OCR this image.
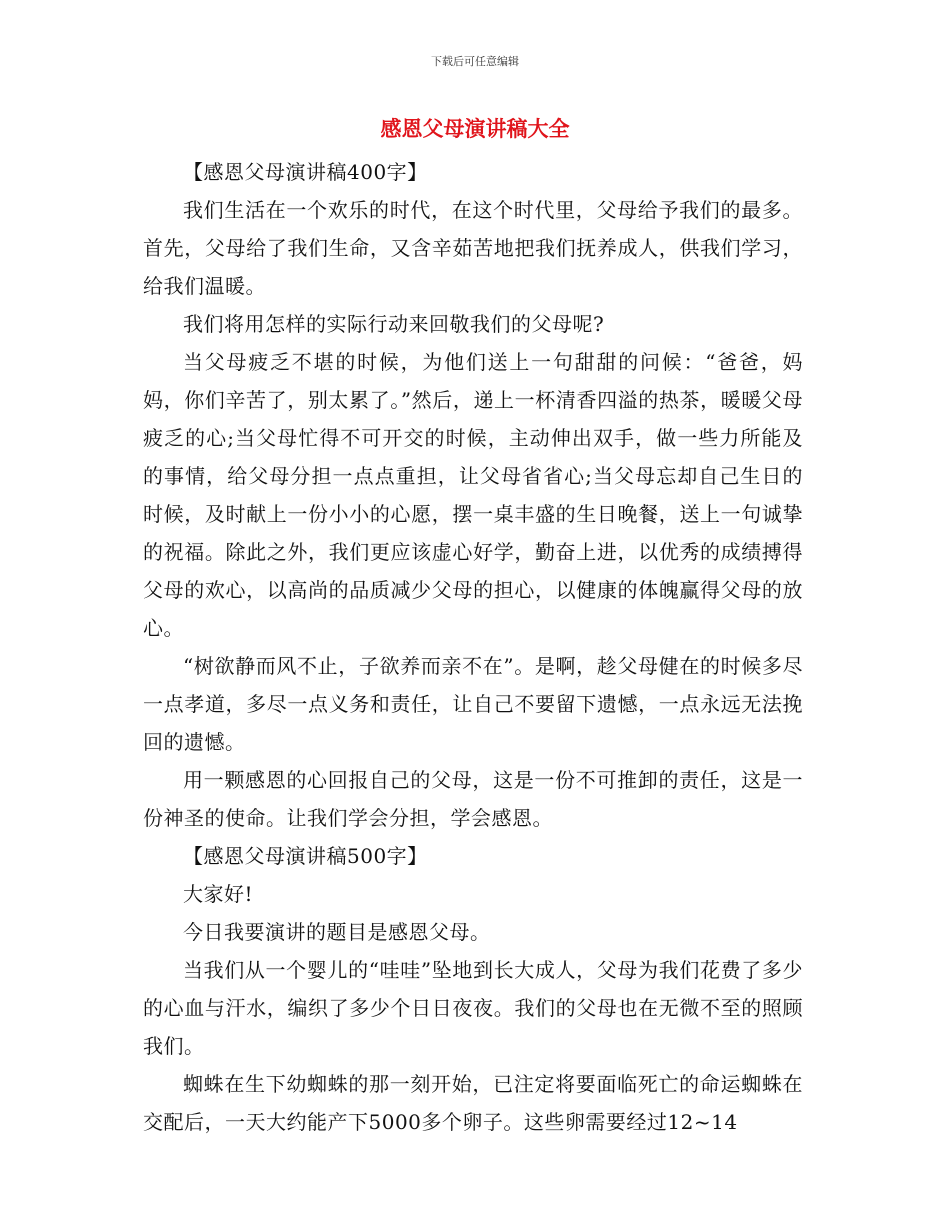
下载后可任意编辑
感恩父母演讲稿大全

【感恩父母演讲稿400字】

我们生活在一个欢乐的时代，在这个时代里，父母给予我们的最多。首先，父母给了我们生命，又含辛茹苦地把我们抚养成人，供我们学习，给我们温暖。

我们将用怎样的实际行动来回敬我们的父母呢?

当父母疲乏不堪的时候，为他们送上一句甜甜的问候：“爸爸，妈妈，你们辛苦了，别太累了。”然后，递上一杯清香四溢的热茶，暖暖父母疲乏的心;当父母忙得不可开交的时候，主动伸出双手，做一些力所能及的事情，给父母分担一点点重担，让父母省省心;当父母忘却自己生日的时候，及时献上一份小小的心愿，摆一桌丰盛的生日晚餐，送上一句诚挚的祝福。除此之外，我们更应该虚心好学，勤奋上进，以优秀的成绩搏得父母的欢心，以高尚的品质减少父母的担心，以健康的体魄赢得父母的放心。

“树欲静而风不止，子欲养而亲不在”。是啊，趁父母健在的时候多尽一点孝道，多尽一点义务和责任，让自己不要留下遗憾，一点永远无法挽回的遗憾。

用一颗感恩的心回报自己的父母，这是一份不可推卸的责任，这是一份神圣的使命。让我们学会分担，学会感恩。

【感恩父母演讲稿500字】

大家好!

今日我要演讲的题目是感恩父母。

当我们从一个婴儿的“哇哇”坠地到长大成人，父母为我们花费了多少的心血与汗水，编织了多少个日日夜夜。我们的父母也在无微不至的照顾我们。

蜘蛛在生下幼蜘蛛的那一刻开始，已注定将要面临死亡的命运蜘蛛在交配后，一天大约能产下5000多个卵子。这些卵需要经过12~14
